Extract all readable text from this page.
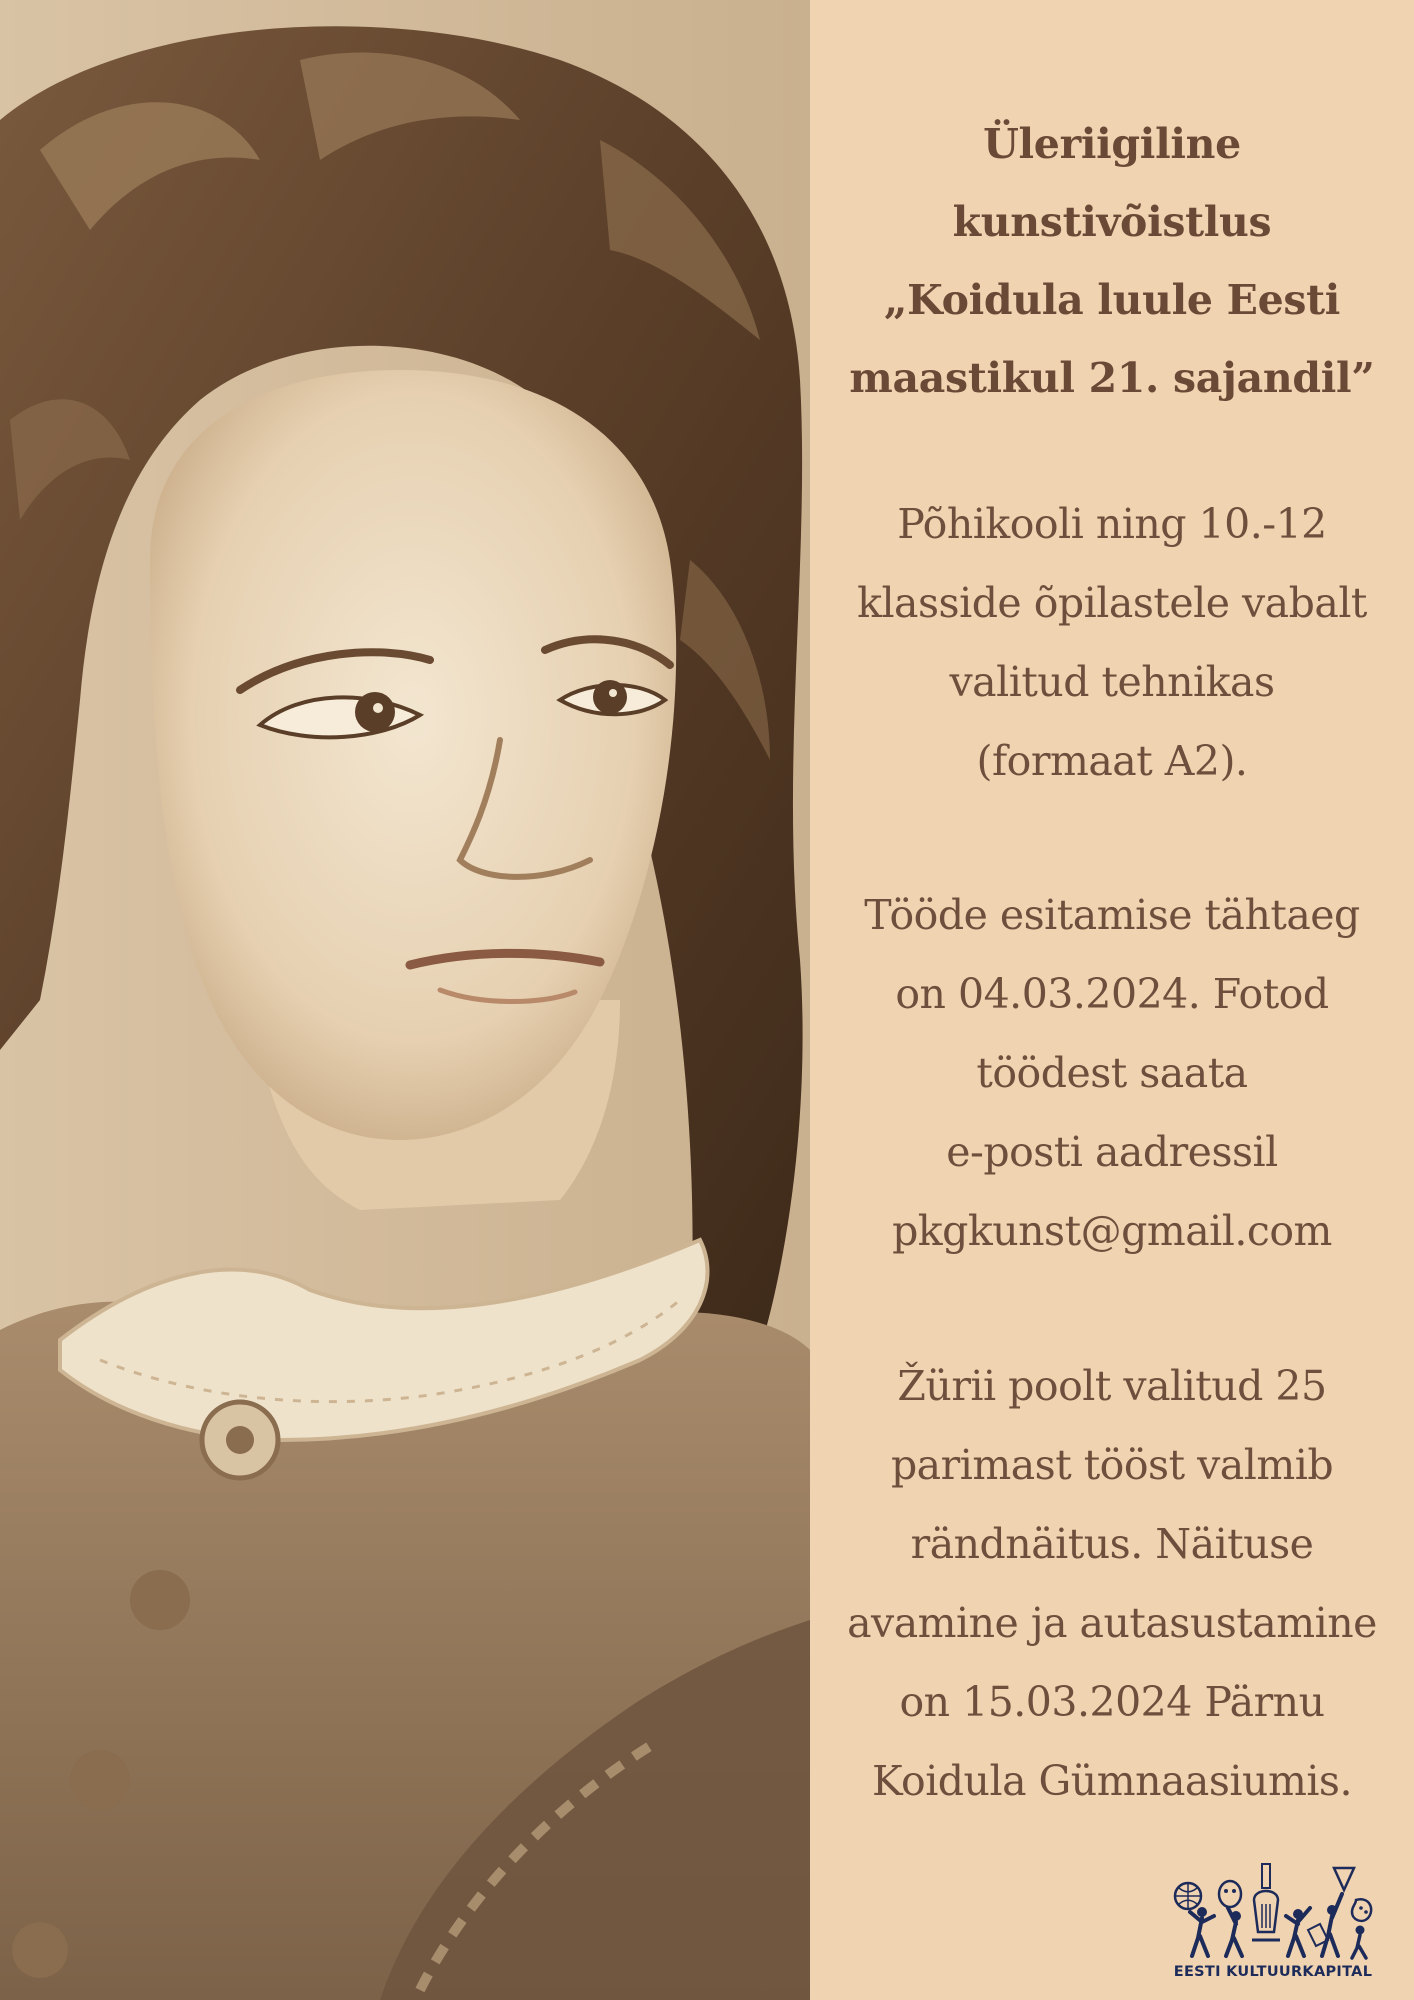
Üleriigiline
kunstivõistlus
„Koidula luule Eesti
maastikul 21. sajandil”
Põhikooli ning 10.-12
klasside õpilastele vabalt
valitud tehnikas
(formaat A2).
Tööde esitamise tähtaeg
on 04.03.2024. Fotod
töödest saata
e-posti aadressil
pkgkunst@gmail.com
Žürii poolt valitud 25
parimast tööst valmib
rändnäitus. Näituse
avamine ja autasustamine
on 15.03.2024 Pärnu
Koidula Gümnaasiumis.
EESTI KULTUURKAPITAL
